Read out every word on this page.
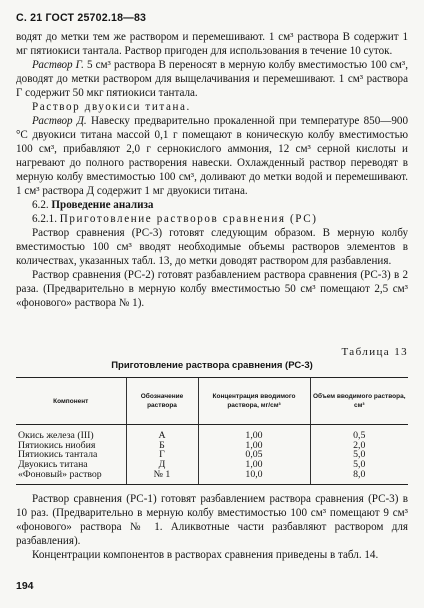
С. 21 ГОСТ 25702.18—83

водят до метки тем же раствором и перемешивают. 1 см³ раствора В содержит 1 мг пятиокиси тантала. Раствор пригоден для использования в течение 10 суток.

Раствор Г. 5 см³ раствора В переносят в мерную колбу вместимостью 100 см³, доводят до метки раствором для выщелачивания и перемешивают. 1 см³ раствора Г содержит 50 мкг пятиокиси тантала.

Раствор двуокиси титана.

Раствор Д. Навеску предварительно прокаленной при температуре 850—900 °C двуокиси титана массой 0,1 г помещают в коническую колбу вместимостью 100 см³, прибавляют 2,0 г сернокислого аммония, 12 см³ серной кислоты и нагревают до полного растворения навески. Охлажденный раствор переводят в мерную колбу вместимостью 100 см³, доливают до метки водой и перемешивают. 1 см³ раствора Д содержит 1 мг двуокиси титана.

6.2. Проведение анализа

6.2.1. Приготовление растворов сравнения (РС)

Раствор сравнения (РС-3) готовят следующим образом. В мерную колбу вместимостью 100 см³ вводят необходимые объемы растворов элементов в количествах, указанных табл. 13, до метки доводят раствором для разбавления.

Раствор сравнения (РС-2) готовят разбавлением раствора сравнения (РС-3) в 2 раза. (Предварительно в мерную колбу вместимостью 50 см³ помещают 2,5 см³ «фонового» раствора № 1).

Таблица 13
Приготовление раствора сравнения (РС-3)
Компонент	Обозначение раствора	Концентрация вводимого раствора, мг/см³	Объем вводимого раствора, см³
Окись железа (III)	А	1,00	0,5
Пятиокись ниобия	Б	1,00	2,0
Пятиокись тантала	Г	0,05	5,0
Двуокись титана	Д	1,00	5,0
«Фоновый» раствор	№ 1	10,0	8,0

Раствор сравнения (РС-1) готовят разбавлением раствора сравнения (РС-3) в 10 раз. (Предварительно в мерную колбу вместимостью 100 см³ помещают 9 см³ «фонового» раствора № 1. Аликвотные части разбавляют раствором для разбавления).

Концентрации компонентов в растворах сравнения приведены в табл. 14.

194
